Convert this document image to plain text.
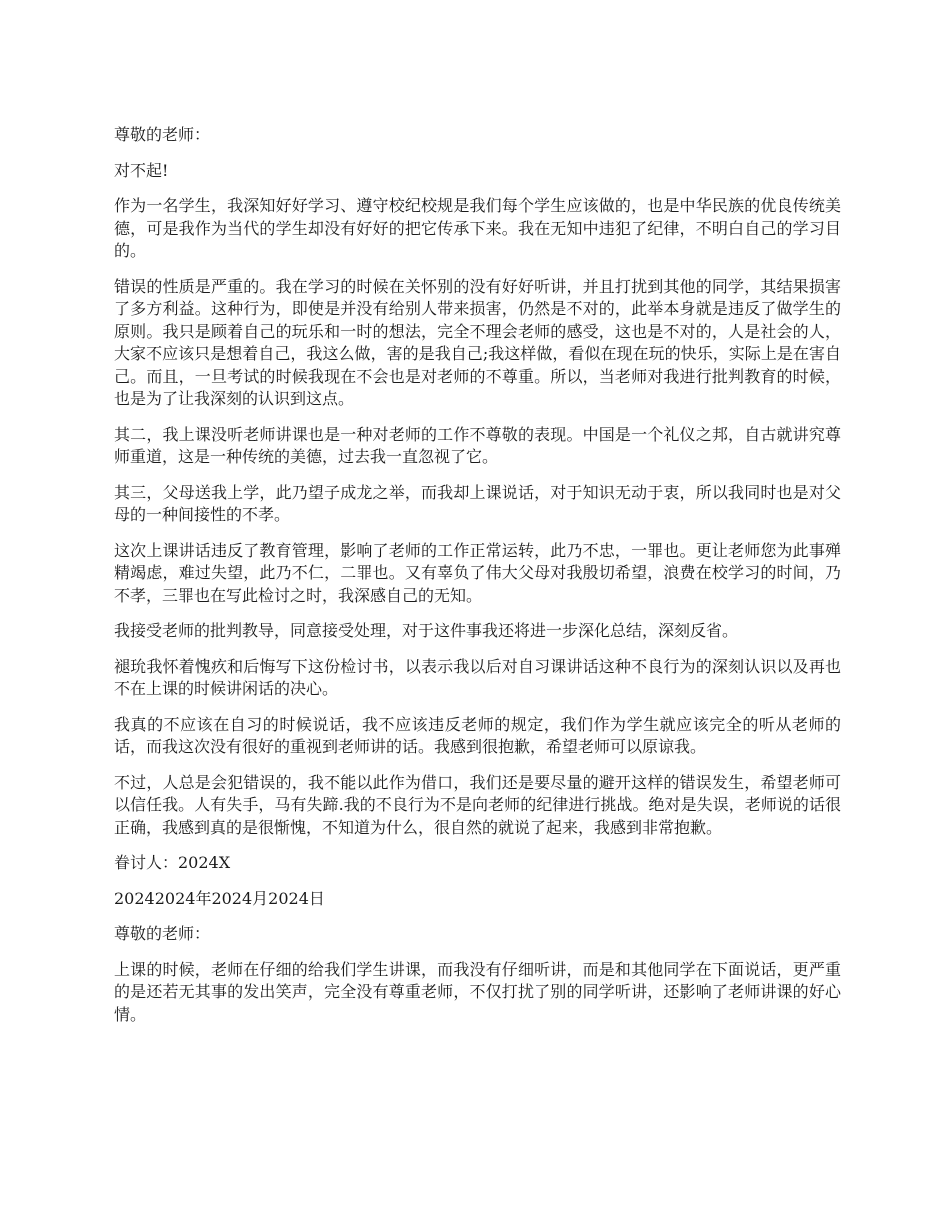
尊敬的老师：

对不起!

作为一名学生，我深知好好学习、遵守校纪校规是我们每个学生应该做的，也是中华民族的优良传统美德，可是我作为当代的学生却没有好好的把它传承下来。我在无知中违犯了纪律，不明白自己的学习目的。

错误的性质是严重的。我在学习的时候在关怀别的没有好好听讲，并且打扰到其他的同学，其结果损害了多方利益。这种行为，即使是并没有给别人带来损害，仍然是不对的，此举本身就是违反了做学生的原则。我只是顾着自己的玩乐和一时的想法，完全不理会老师的感受，这也是不对的，人是社会的人，大家不应该只是想着自己，我这么做，害的是我自己;我这样做，看似在现在玩的快乐，实际上是在害自己。而且，一旦考试的时候我现在不会也是对老师的不尊重。所以，当老师对我进行批判教育的时候，也是为了让我深刻的认识到这点。

其二，我上课没听老师讲课也是一种对老师的工作不尊敬的表现。中国是一个礼仪之邦，自古就讲究尊师重道，这是一种传统的美德，过去我一直忽视了它。

其三，父母送我上学，此乃望子成龙之举，而我却上课说话，对于知识无动于衷，所以我同时也是对父母的一种间接性的不孝。

这次上课讲话违反了教育管理，影响了老师的工作正常运转，此乃不忠，一罪也。更让老师您为此事殚精竭虑，难过失望，此乃不仁，二罪也。又有辜负了伟大父母对我殷切希望，浪费在校学习的时间，乃不孝，三罪也在写此检讨之时，我深感自己的无知。

我接受老师的批判教导，同意接受处理，对于这件事我还将进一步深化总结，深刻反省。

褪玧我怀着愧疚和后悔写下这份检讨书，以表示我以后对自习课讲话这种不良行为的深刻认识以及再也不在上课的时候讲闲话的决心。

我真的不应该在自习的时候说话，我不应该违反老师的规定，我们作为学生就应该完全的听从老师的话，而我这次没有很好的重视到老师讲的话。我感到很抱歉，希望老师可以原谅我。

不过，人总是会犯错误的，我不能以此作为借口，我们还是要尽量的避开这样的错误发生，希望老师可以信任我。人有失手，马有失蹄.我的不良行为不是向老师的纪律进行挑战。绝对是失误，老师说的话很正确，我感到真的是很惭愧，不知道为什么，很自然的就说了起来，我感到非常抱歉。

眷讨人：2024X

20242024年2024月2024日

尊敬的老师：

上课的时候，老师在仔细的给我们学生讲课，而我没有仔细听讲，而是和其他同学在下面说话，更严重的是还若无其事的发出笑声，完全没有尊重老师，不仅打扰了别的同学听讲，还影响了老师讲课的好心情。
